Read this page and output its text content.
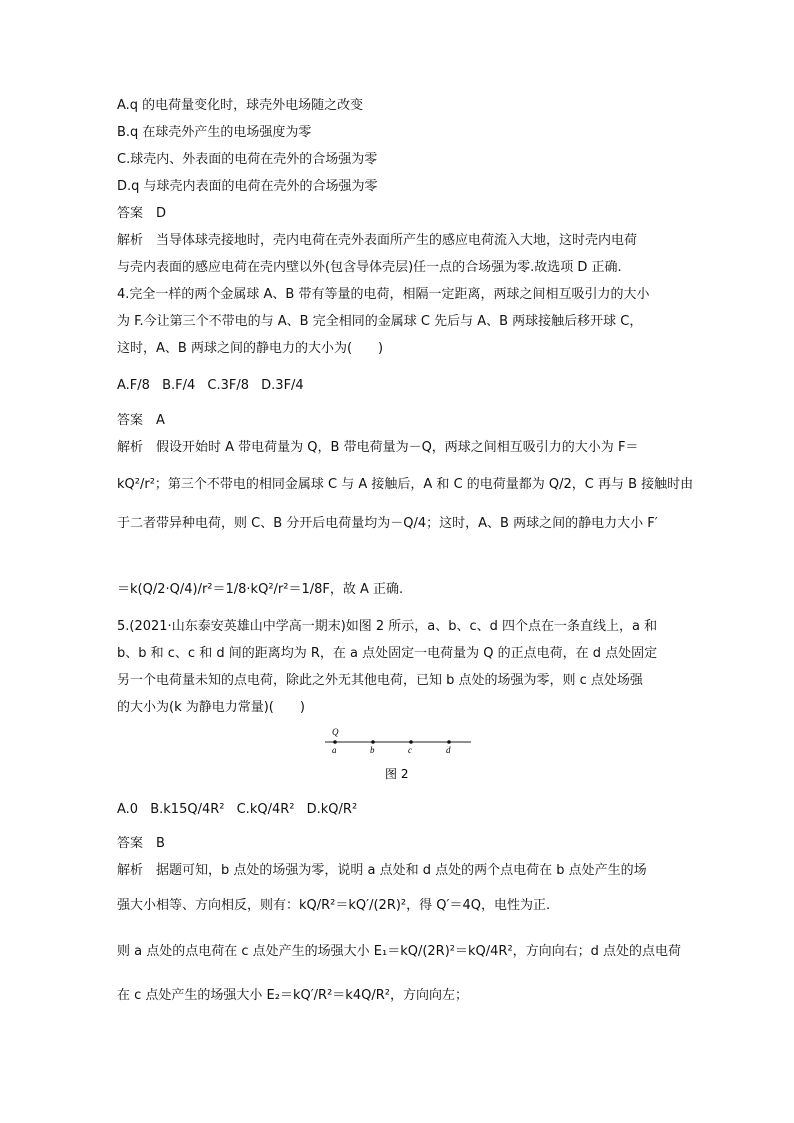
A.q 的电荷量变化时，球壳外电场随之改变
B.q 在球壳外产生的电场强度为零
C.球壳内、外表面的电荷在壳外的合场强为零
D.q 与球壳内表面的电荷在壳外的合场强为零
答案　D
解析　当导体球壳接地时，壳内电荷在壳外表面所产生的感应电荷流入大地，这时壳内电荷
与壳内表面的感应电荷在壳内壁以外(包含导体壳层)任一点的合场强为零.故选项 D 正确.
4.完全一样的两个金属球 A、B 带有等量的电荷，相隔一定距离，两球之间相互吸引力的大小
为 F.今让第三个不带电的与 A、B 完全相同的金属球 C 先后与 A、B 两球接触后移开球 C，
这时，A、B 两球之间的静电力的大小为(　　)
A.F/8 B.F/4 C.3F/8 D.3F/4
答案　A
解析　假设开始时 A 带电荷量为 Q，B 带电荷量为－Q，两球之间相互吸引力的大小为 F＝
kQ²/r²；第三个不带电的相同金属球 C 与 A 接触后，A 和 C 的电荷量都为 Q/2，C 再与 B 接触时由
于二者带异种电荷，则 C、B 分开后电荷量均为－Q/4；这时，A、B 两球之间的静电力大小 F′
＝k(Q/2·Q/4)/r²＝1/8·kQ²/r²＝1/8F，故 A 正确.
5.(2021·山东泰安英雄山中学高一期末)如图 2 所示，a、b、c、d 四个点在一条直线上，a 和
b、b 和 c、c 和 d 间的距离均为 R，在 a 点处固定一电荷量为 Q 的正点电荷，在 d 点处固定
另一个电荷量未知的点电荷，除此之外无其他电荷，已知 b 点处的场强为零，则 c 点处场强
的大小为(k 为静电力常量)(　　)
Q
a	b	c	d
图 2
A.0 B.k15Q/4R² C.kQ/4R² D.kQ/R²
答案　B
解析　据题可知，b 点处的场强为零，说明 a 点处和 d 点处的两个点电荷在 b 点处产生的场
强大小相等、方向相反，则有：kQ/R²＝kQ′/(2R)²，得 Q′＝4Q，电性为正.
则 a 点处的点电荷在 c 点处产生的场强大小 E₁＝kQ/(2R)²＝kQ/4R²，方向向右；d 点处的点电荷
在 c 点处产生的场强大小 E₂＝kQ′/R²＝k4Q/R²，方向向左；
